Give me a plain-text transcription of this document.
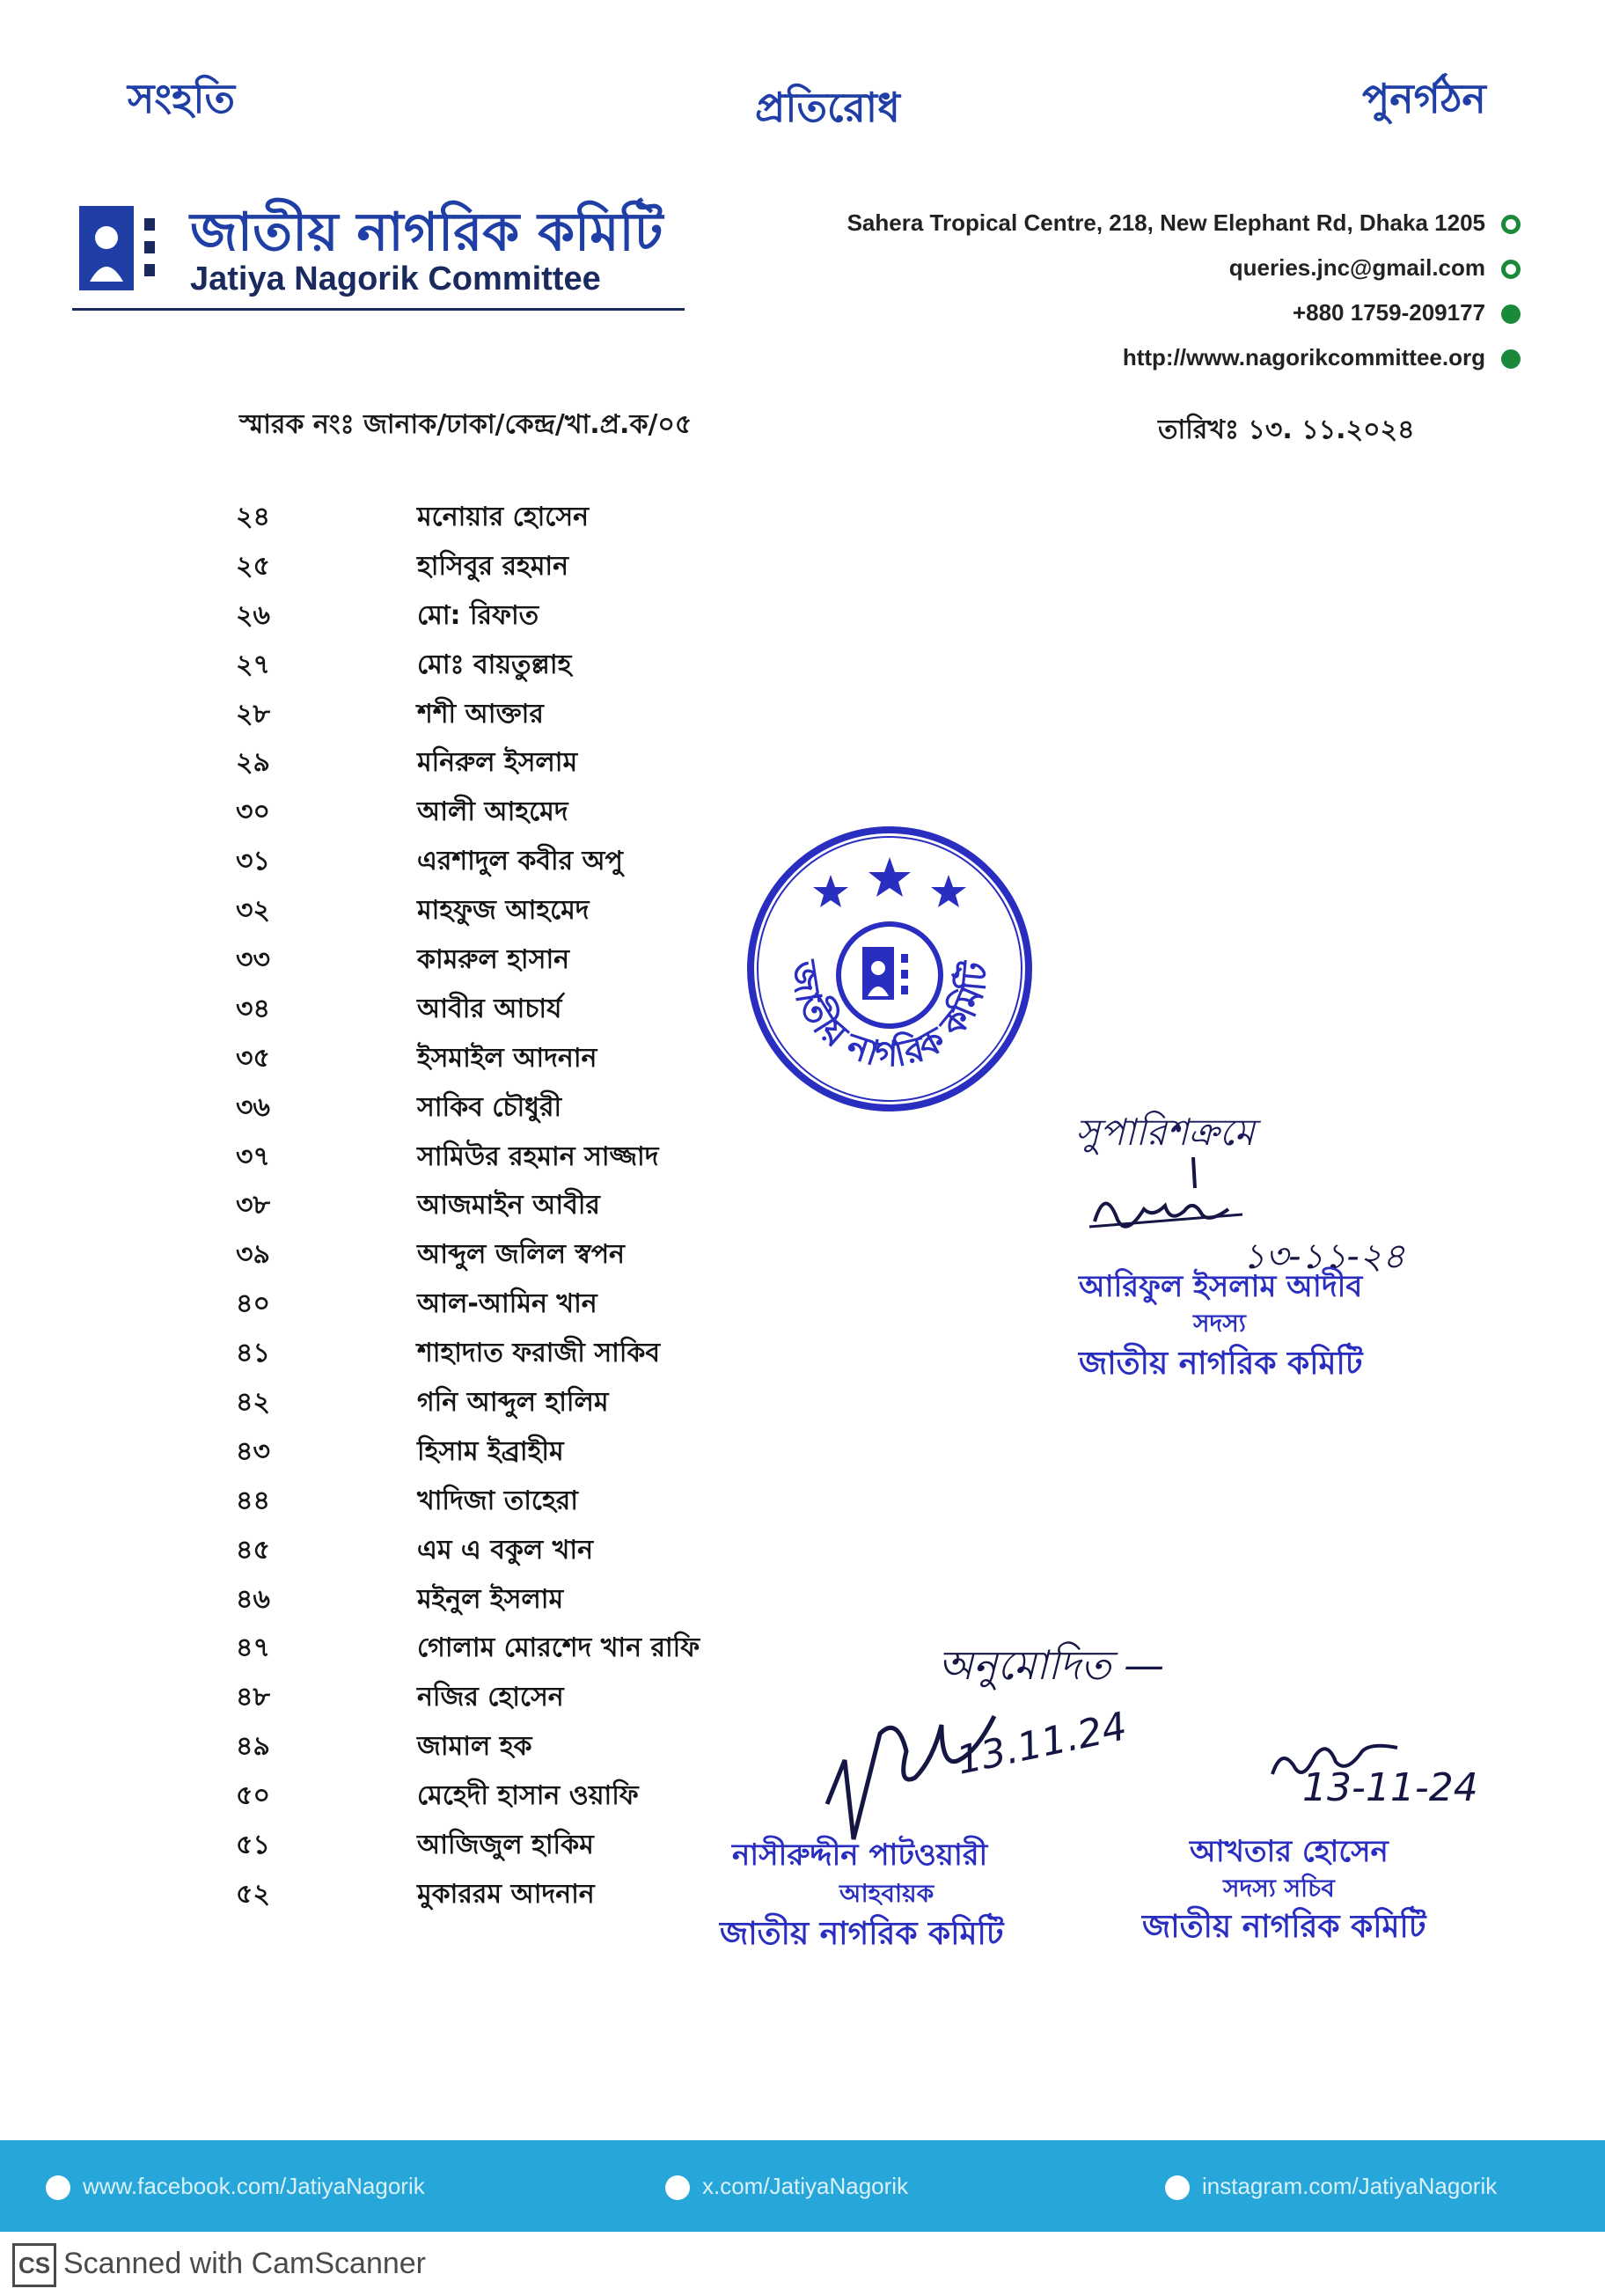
সংহতি	প্রতিরোধ	পুনর্গঠন
জাতীয় নাগরিক কমিটি
Jatiya Nagorik Committee
Sahera Tropical Centre, 218, New Elephant Rd, Dhaka 1205
queries.jnc@gmail.com
+880 1759-209177
http://www.nagorikcommittee.org
স্মারক নংঃ জানাক/ঢাকা/কেন্দ্র/খা.প্র.ক/০৫	তারিখঃ ১৩. ১১.২০২৪
২৪	মনোয়ার হোসেন
২৫	হাসিবুর রহমান
২৬	মো: রিফাত
২৭	মোঃ বায়তুল্লাহ
২৮	শশী আক্তার
২৯	মনিরুল ইসলাম
৩০	আলী আহমেদ
৩১	এরশাদুল কবীর অপু
৩২	মাহফুজ আহমেদ
৩৩	কামরুল হাসান
৩৪	আবীর আচার্য
৩৫	ইসমাইল আদনান
৩৬	সাকিব চৌধুরী
৩৭	সামিউর রহমান সাজ্জাদ
৩৮	আজমাইন আবীর
৩৯	আব্দুল জলিল স্বপন
৪০	আল-আমিন খান
৪১	শাহাদাত ফরাজী সাকিব
৪২	গনি আব্দুল হালিম
৪৩	হিসাম ইব্রাহীম
৪৪	খাদিজা তাহেরা
৪৫	এম এ বকুল খান
৪৬	মইনুল ইসলাম
৪৭	গোলাম মোরশেদ খান রাফি
৪৮	নজির হোসেন
৪৯	জামাল হক
৫০	মেহেদী হাসান ওয়াফি
৫১	আজিজুল হাকিম
৫২	মুকাররম আদনান
জাতীয় নাগরিক কমিটি
সুপারিশক্রমে
১৩-১১-২৪
আরিফুল ইসলাম আদীব
সদস্য
জাতীয় নাগরিক কমিটি
অনুমোদিত —
13.11.24
নাসীরুদ্দীন পাটওয়ারী
আহবায়ক
জাতীয় নাগরিক কমিটি
13-11-24
আখতার হোসেন
সদস্য সচিব
জাতীয় নাগরিক কমিটি
www.facebook.com/JatiyaNagorik	x.com/JatiyaNagorik	instagram.com/JatiyaNagorik
CS Scanned with CamScanner
